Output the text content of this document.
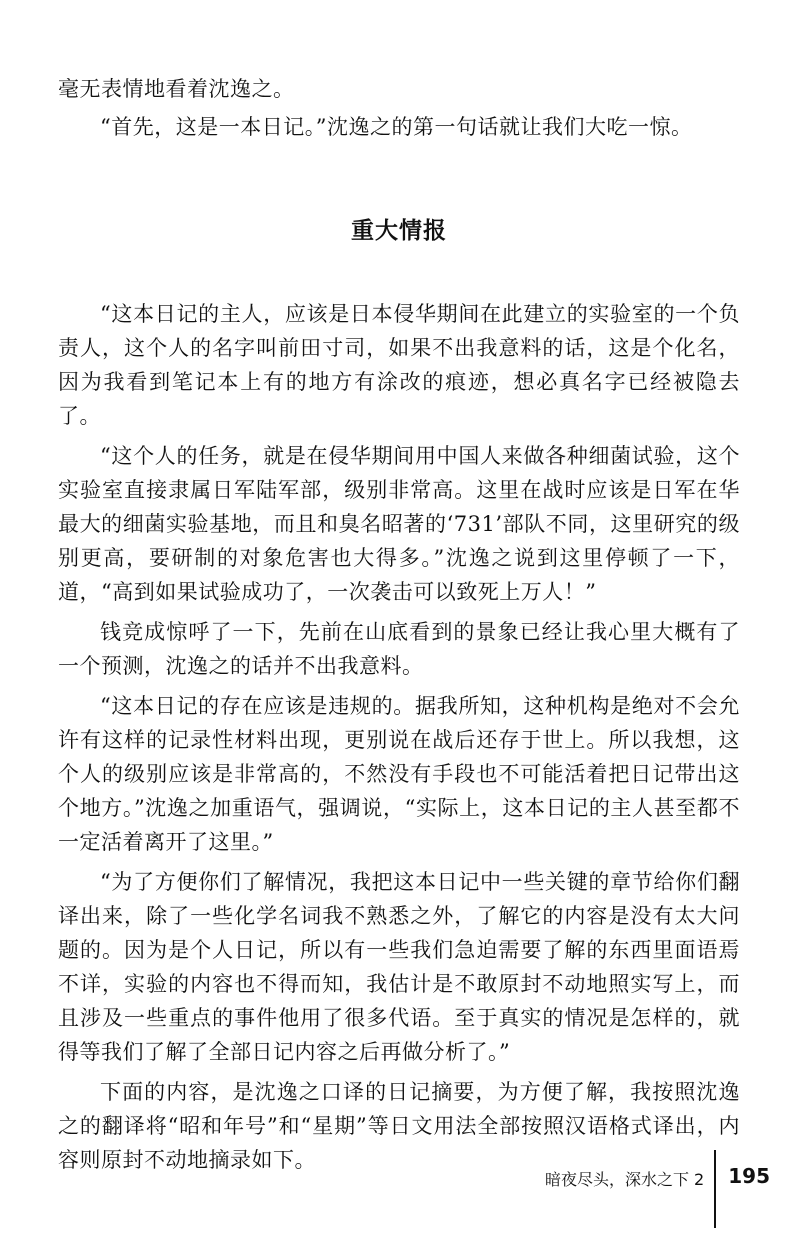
毫无表情地看着沈逸之。

“首先，这是一本日记。”沈逸之的第一句话就让我们大吃一惊。

重大情报

“这本日记的主人，应该是日本侵华期间在此建立的实验室的一个负责人，这个人的名字叫前田寸司，如果不出我意料的话，这是个化名，因为我看到笔记本上有的地方有涂改的痕迹，想必真名字已经被隐去了。

“这个人的任务，就是在侵华期间用中国人来做各种细菌试验，这个实验室直接隶属日军陆军部，级别非常高。这里在战时应该是日军在华最大的细菌实验基地，而且和臭名昭著的‘731’部队不同，这里研究的级别更高，要研制的对象危害也大得多。”沈逸之说到这里停顿了一下，道，“高到如果试验成功了，一次袭击可以致死上万人！”

钱竞成惊呼了一下，先前在山底看到的景象已经让我心里大概有了一个预测，沈逸之的话并不出我意料。

“这本日记的存在应该是违规的。据我所知，这种机构是绝对不会允许有这样的记录性材料出现，更别说在战后还存于世上。所以我想，这个人的级别应该是非常高的，不然没有手段也不可能活着把日记带出这个地方。”沈逸之加重语气，强调说，“实际上，这本日记的主人甚至都不一定活着离开了这里。”

“为了方便你们了解情况，我把这本日记中一些关键的章节给你们翻译出来，除了一些化学名词我不熟悉之外，了解它的内容是没有太大问题的。因为是个人日记，所以有一些我们急迫需要了解的东西里面语焉不详，实验的内容也不得而知，我估计是不敢原封不动地照实写上，而且涉及一些重点的事件他用了很多代语。至于真实的情况是怎样的，就得等我们了解了全部日记内容之后再做分析了。”

下面的内容，是沈逸之口译的日记摘要，为方便了解，我按照沈逸之的翻译将“昭和年号”和“星期”等日文用法全部按照汉语格式译出，内容则原封不动地摘录如下。

暗夜尽头，深水之下 2 195
